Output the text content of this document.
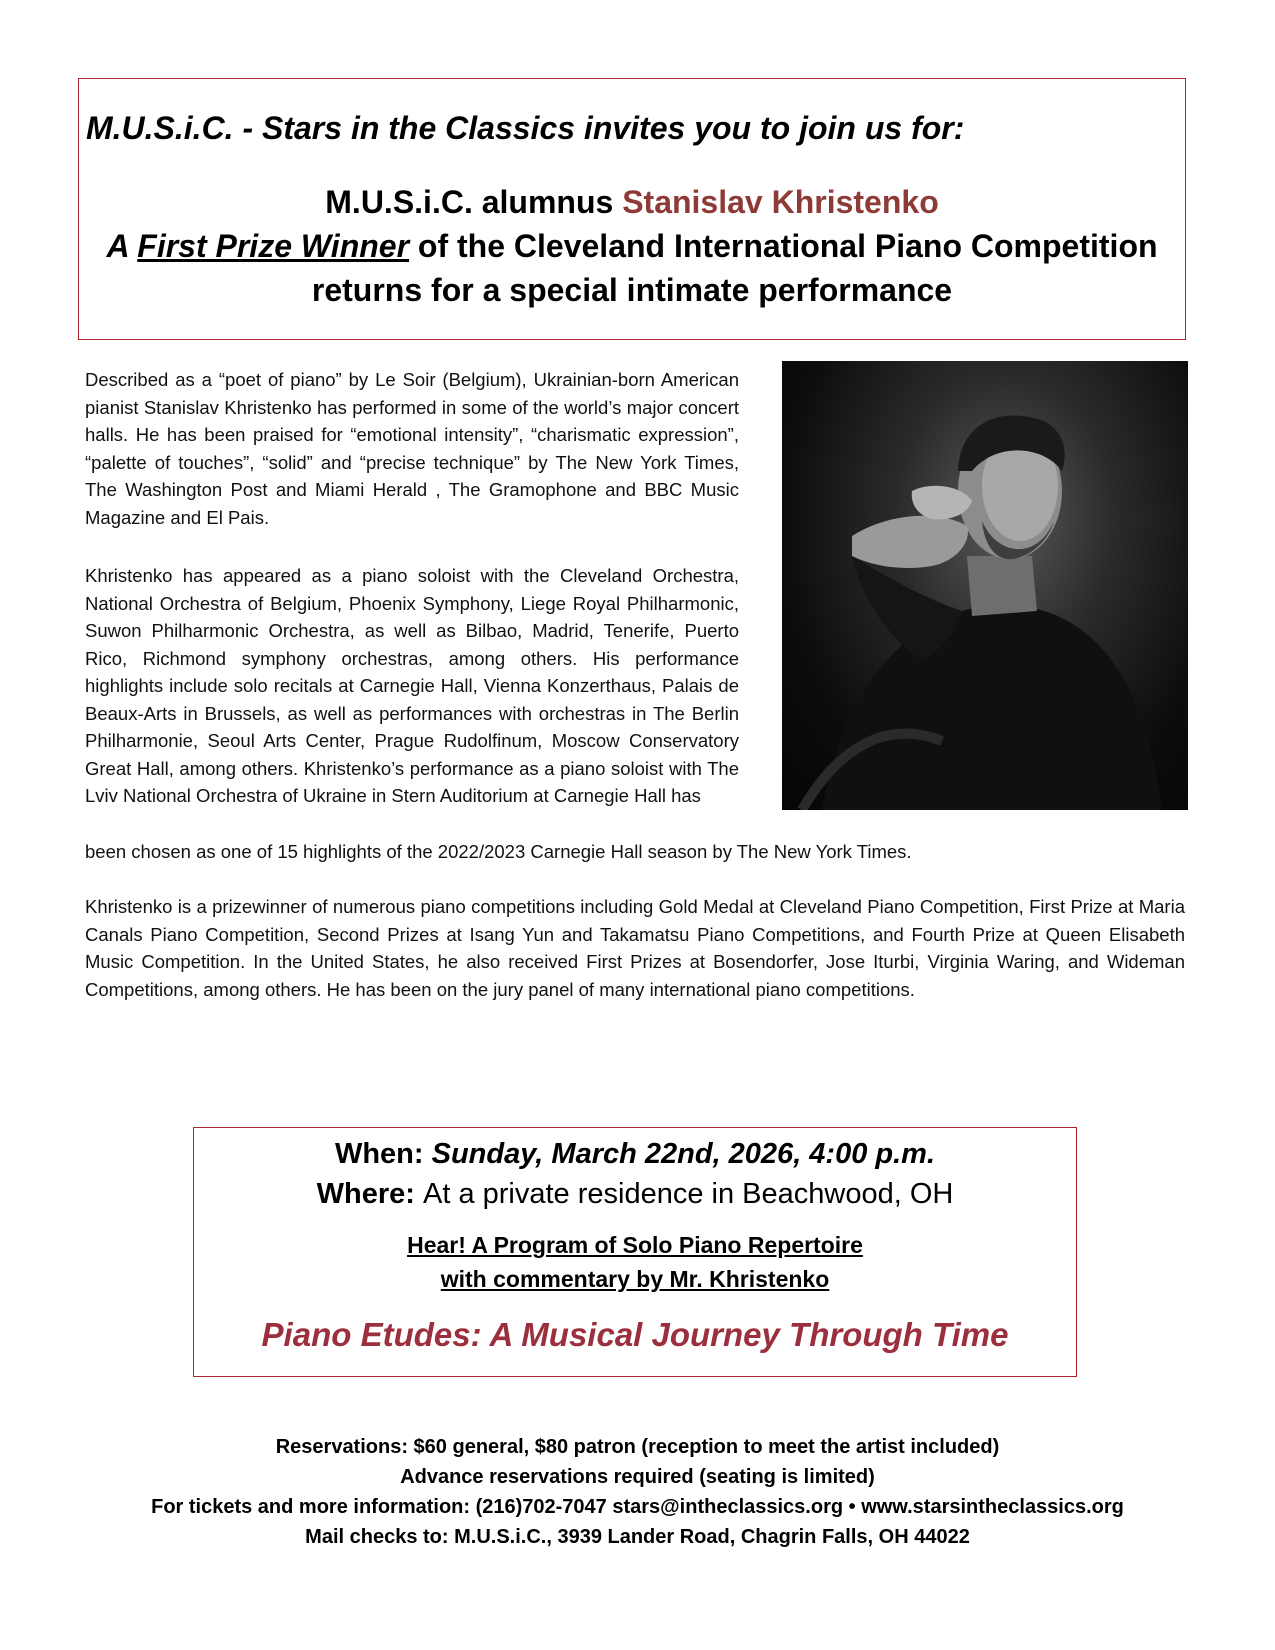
M.U.S.i.C. - Stars in the Classics invites you to join us for:

M.U.S.i.C. alumnus Stanislav Khristenko

A First Prize Winner of the Cleveland International Piano Competition

returns for a special intimate performance

Described as a “poet of piano” by Le Soir (Belgium), Ukrainian-born American pianist Stanislav Khristenko has performed in some of the world’s major concert halls. He has been praised for “emotional intensity”, “charismatic expression”, “palette of touches”, “solid” and “precise technique” by The New York Times, The Washington Post and Miami Herald , The Gramophone and BBC Music Magazine and El Pais.

Khristenko has appeared as a piano soloist with the Cleveland Orchestra, National Orchestra of Belgium, Phoenix Symphony, Liege Royal Philharmonic, Suwon Philharmonic Orchestra, as well as Bilbao, Madrid, Tenerife, Puerto Rico, Richmond symphony orchestras, among others. His performance highlights include solo recitals at Carnegie Hall, Vienna Konzerthaus, Palais de Beaux-Arts in Brussels, as well as performances with orchestras in The Berlin Philharmonie, Seoul Arts Center, Prague Rudolfinum, Moscow Conservatory Great Hall, among others. Khristenko’s performance as a piano soloist with The Lviv National Orchestra of Ukraine in Stern Auditorium at Carnegie Hall has

been chosen as one of 15 highlights of the 2022/2023 Carnegie Hall season by The New York Times.

Khristenko is a prizewinner of numerous piano competitions including Gold Medal at Cleveland Piano Competition, First Prize at Maria Canals Piano Competition, Second Prizes at Isang Yun and Takamatsu Piano Competitions, and Fourth Prize at Queen Elisabeth Music Competition. In the United States, he also received First Prizes at Bosendorfer, Jose Iturbi, Virginia Waring, and Wideman Competitions, among others. He has been on the jury panel of many international piano competitions.

When: Sunday, March 22nd, 2026, 4:00 p.m.

Where: At a private residence in Beachwood, OH

Hear! A Program of Solo Piano Repertoire

with commentary by Mr. Khristenko

Piano Etudes: A Musical Journey Through Time

Reservations: $60 general, $80 patron (reception to meet the artist included)

Advance reservations required (seating is limited)

For tickets and more information: (216)702-7047 stars@intheclassics.org • www.starsintheclassics.org

Mail checks to: M.U.S.i.C., 3939 Lander Road, Chagrin Falls, OH 44022
